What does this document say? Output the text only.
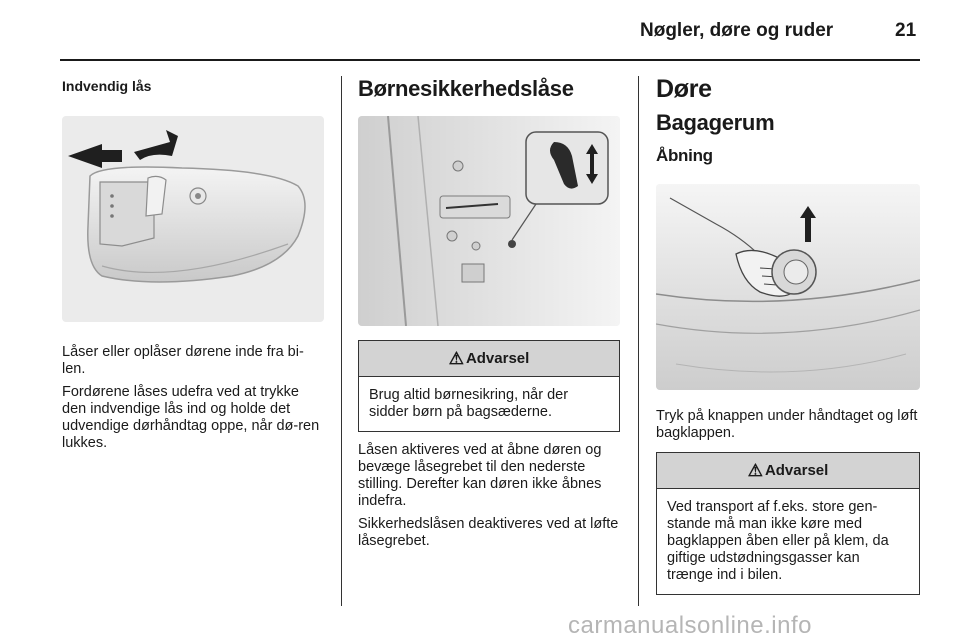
Nøgler, døre og ruder	21
Indvendig lås

Låser eller oplåser dørene inde fra bi-len.

Fordørene låses udefra ved at trykke den indvendige lås ind og holde det udvendige dørhåndtag oppe, når dø-ren lukkes.

Børnesikkerhedslåse
⚠ Advarsel
Brug altid børnesikring, når der sidder børn på bagsæderne.

Låsen aktiveres ved at åbne døren og bevæge låsegrebet til den nederste stilling. Derefter kan døren ikke åbnes indefra.

Sikkerhedslåsen deaktiveres ved at løfte låsegrebet.

Døre
Bagagerum
Åbning

Tryk på knappen under håndtaget og løft bagklappen.

⚠ Advarsel
Ved transport af f.eks. store gen-stande må man ikke køre med bagklappen åben eller på klem, da giftige udstødningsgasser kan trænge ind i bilen.
carmanualsonline.info
